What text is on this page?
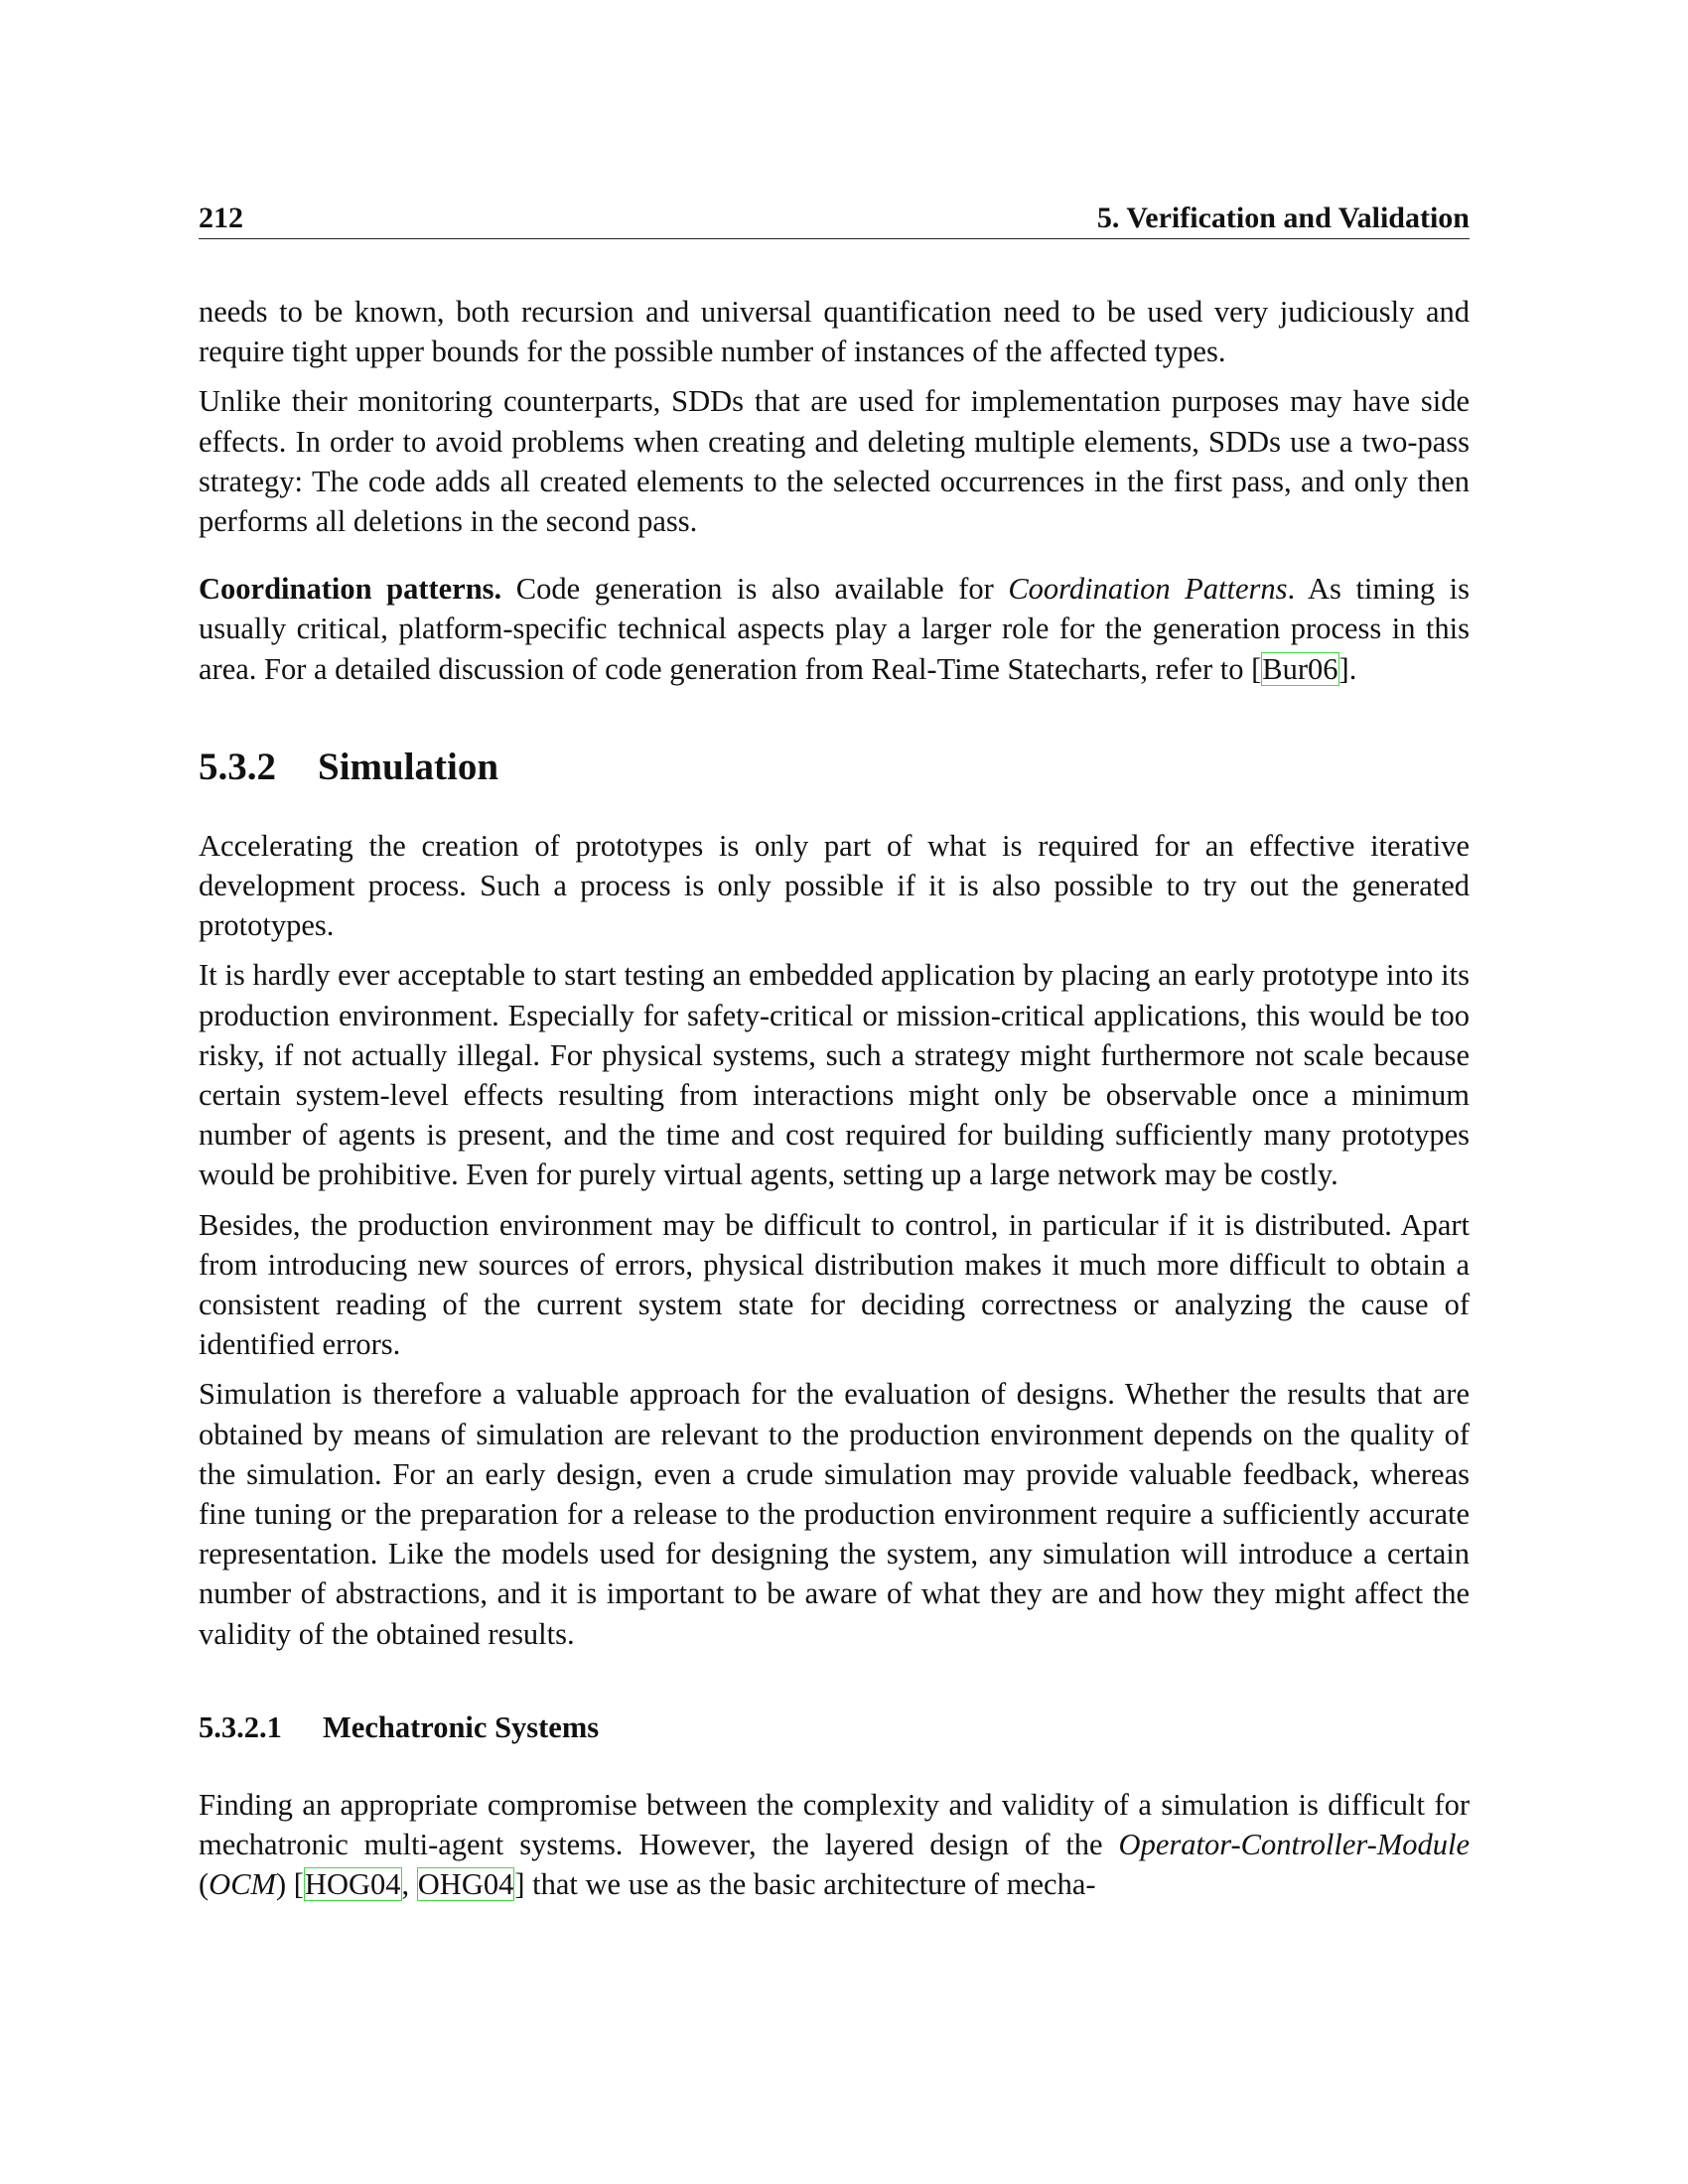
212	5. Verification and Validation

needs to be known, both recursion and universal quantification need to be used very judiciously and require tight upper bounds for the possible number of instances of the affected types.

Unlike their monitoring counterparts, SDDs that are used for implementation purposes may have side effects. In order to avoid problems when creating and deleting multiple elements, SDDs use a two-pass strategy: The code adds all created elements to the selected occurrences in the first pass, and only then performs all deletions in the second pass.

Coordination patterns. Code generation is also available for Coordination Patterns. As timing is usually critical, platform-specific technical aspects play a larger role for the generation process in this area. For a detailed discussion of code generation from Real-Time Statecharts, refer to [Bur06].

5.3.2 Simulation

Accelerating the creation of prototypes is only part of what is required for an effective iterative development process. Such a process is only possible if it is also possible to try out the generated prototypes.

It is hardly ever acceptable to start testing an embedded application by placing an early prototype into its production environment. Especially for safety-critical or mission-critical applications, this would be too risky, if not actually illegal. For physical systems, such a strategy might furthermore not scale because certain system-level effects resulting from interactions might only be observable once a minimum number of agents is present, and the time and cost required for building sufficiently many prototypes would be prohibitive. Even for purely virtual agents, setting up a large network may be costly.

Besides, the production environment may be difficult to control, in particular if it is distributed. Apart from introducing new sources of errors, physical distribution makes it much more difficult to obtain a consistent reading of the current system state for deciding correctness or analyzing the cause of identified errors.

Simulation is therefore a valuable approach for the evaluation of designs. Whether the results that are obtained by means of simulation are relevant to the production environment depends on the quality of the simulation. For an early design, even a crude simulation may provide valuable feedback, whereas fine tuning or the preparation for a release to the production environment require a sufficiently accurate representation. Like the models used for designing the system, any simulation will introduce a certain number of abstractions, and it is important to be aware of what they are and how they might affect the validity of the obtained results.

5.3.2.1 Mechatronic Systems

Finding an appropriate compromise between the complexity and validity of a simulation is difficult for mechatronic multi-agent systems. However, the layered design of the Operator-Controller-Module (OCM) [HOG04, OHG04] that we use as the basic architecture of mecha-
